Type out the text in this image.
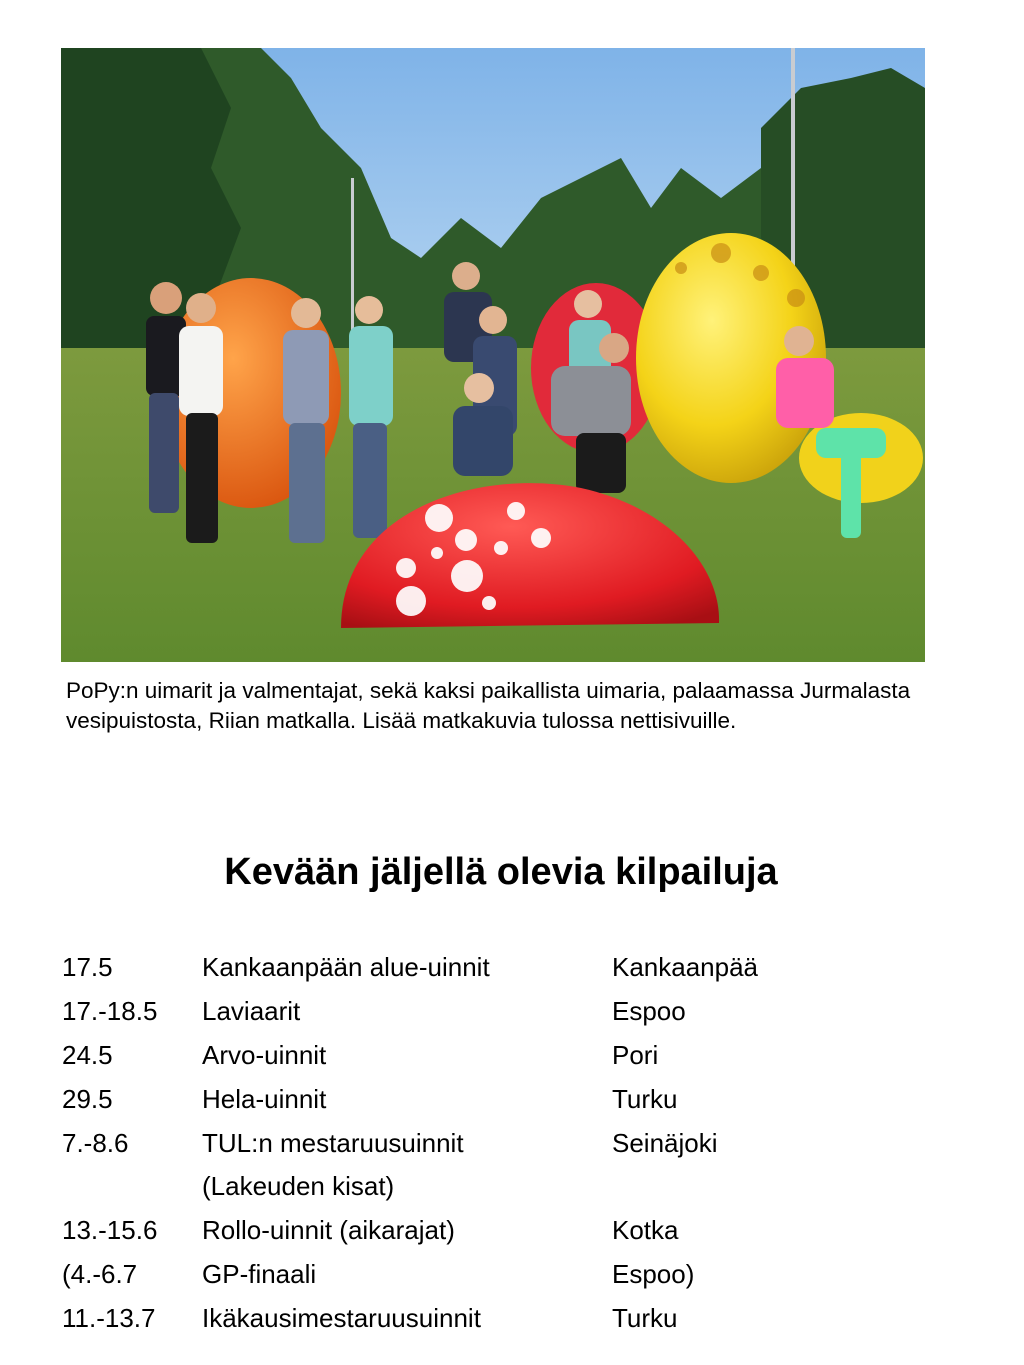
PoPy:n uimarit ja valmentajat, sekä kaksi paikallista uimaria, palaamassa Jurmalasta vesipuistosta, Riian matkalla. Lisää matkakuvia tulossa nettisivuille.
Kevään jäljellä olevia kilpailuja
17.5	Kankaanpään alue-uinnit	Kankaanpää
17.-18.5	Laviaarit	Espoo
24.5	Arvo-uinnit	Pori
29.5	Hela-uinnit	Turku
7.-8.6	TUL:n mestaruusuinnit	Seinäjoki
	(Lakeuden kisat)	
13.-15.6	Rollo-uinnit (aikarajat)	Kotka
(4.-6.7	GP-finaali	Espoo)
11.-13.7	Ikäkausimestaruusuinnit	Turku
